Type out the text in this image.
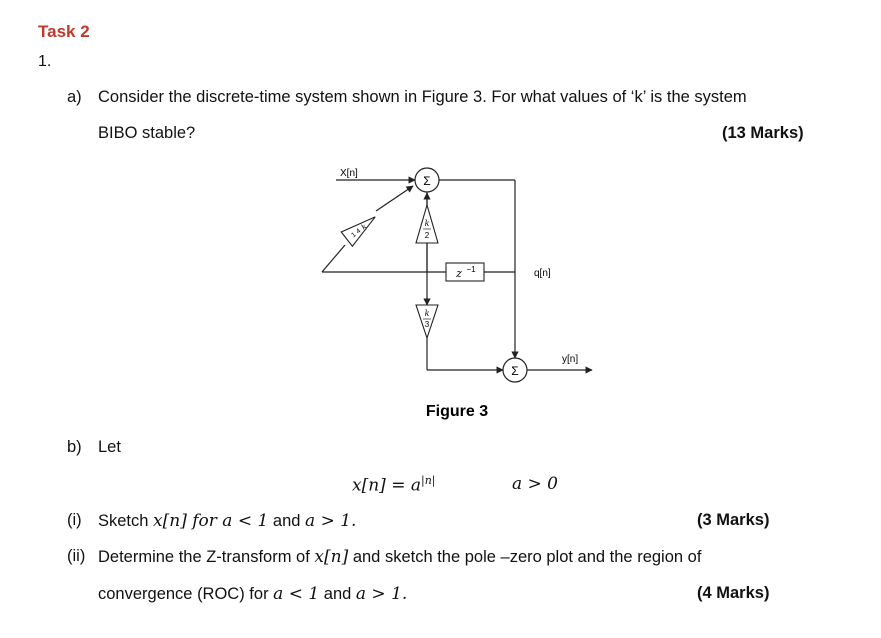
Task 2
1.
a) Consider the discrete-time system shown in Figure 3. For what values of ‘k’ is the system
BIBO stable?	(13 Marks)
Σ
Σ
k
2
k
3
1
4
k
z −1
X[n]
q[n]
y[n]
Figure 3
b) Let
$x[n] = a^{|n|}$	a > 0
(i) Sketch x[n] for a < 1 and a > 1.	(3 Marks)
(ii) Determine the Z-transform of x[n] and sketch the pole –zero plot and the region of
convergence (ROC) for a < 1 and a > 1.	(4 Marks)
